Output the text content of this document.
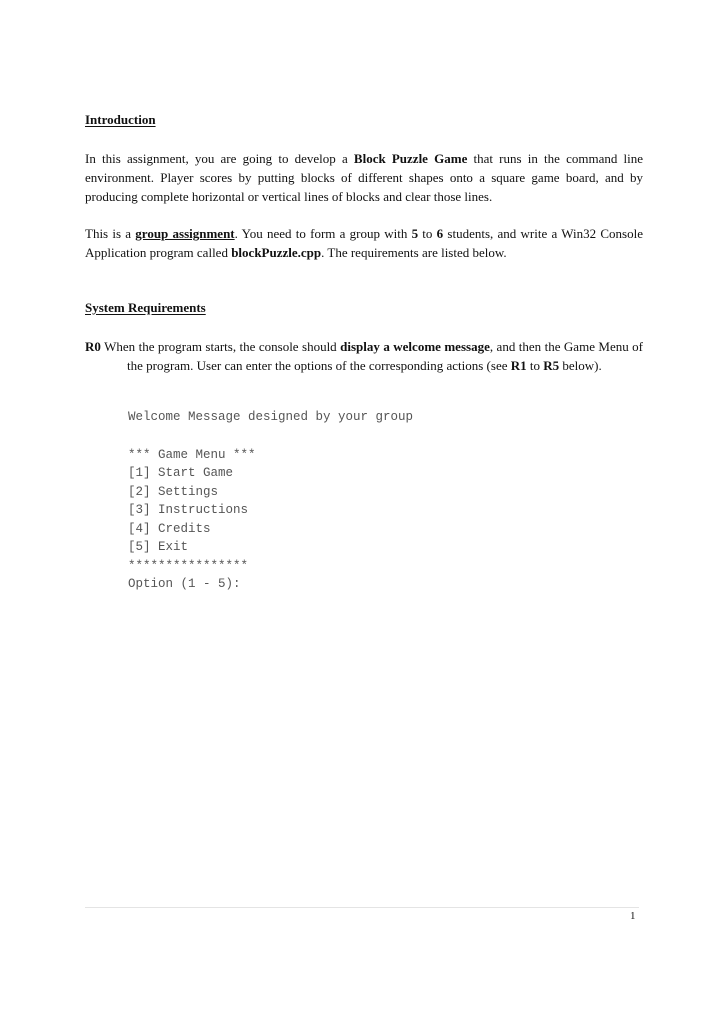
Introduction

In this assignment, you are going to develop a Block Puzzle Game that runs in the command line environment. Player scores by putting blocks of different shapes onto a square game board, and by producing complete horizontal or vertical lines of blocks and clear those lines.

This is a group assignment. You need to form a group with 5 to 6 students, and write a Win32 Console Application program called blockPuzzle.cpp. The requirements are listed below.

System Requirements

R0 When the program starts, the console should display a welcome message, and then the Game Menu of the program. User can enter the options of the corresponding actions (see R1 to R5 below).

Welcome Message designed by your group

*** Game Menu ***

[1] Start Game

[2] Settings

[3] Instructions

[4] Credits

[5] Exit

****************

Option (1 - 5):

1
